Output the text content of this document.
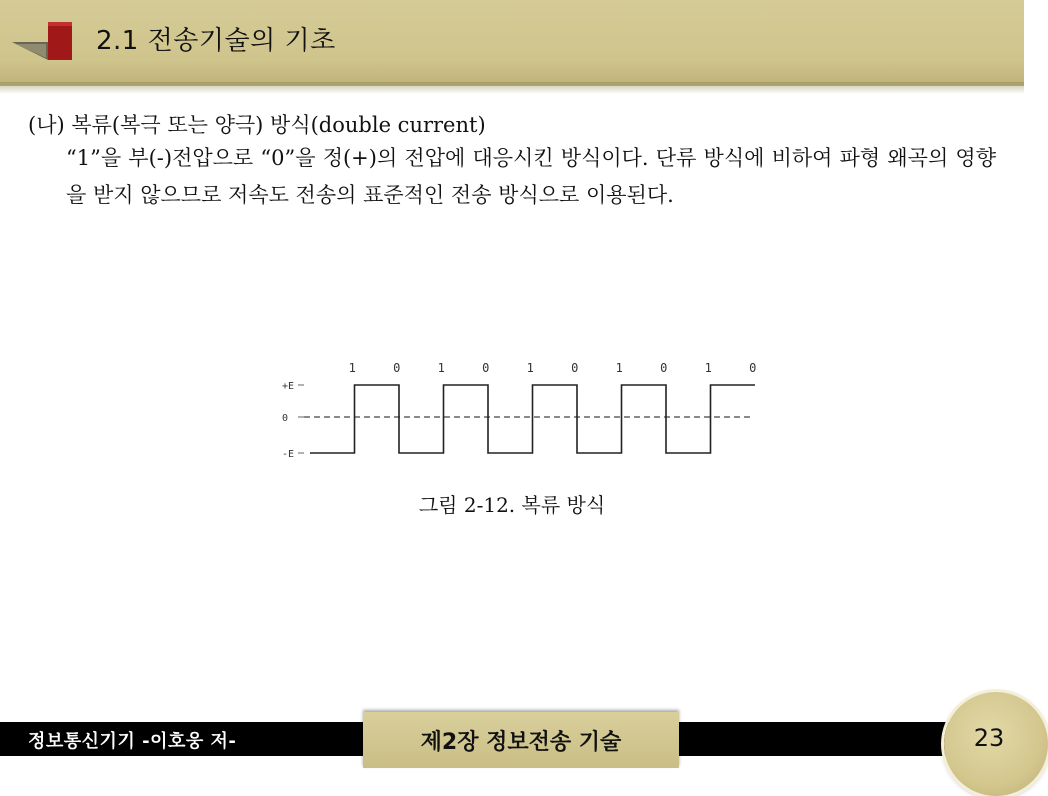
2.1 전송기술의 기초

(나) 복류(복극 또는 양극) 방식(double current)

“1”을 부(-)전압으로 “0”을 정(+)의 전압에 대응시킨 방식이다. 단류 방식에 비하여 파형 왜곡의 영향을 받지 않으므로 저속도 전송의 표준적인 전송 방식으로 이용된다.

+E
0
-E
1	0	1	0	1	0	1	0	1	0
그림 2-12. 복류 방식
정보통신기기 -이호웅 저-	제2장 정보전송 기술	23
